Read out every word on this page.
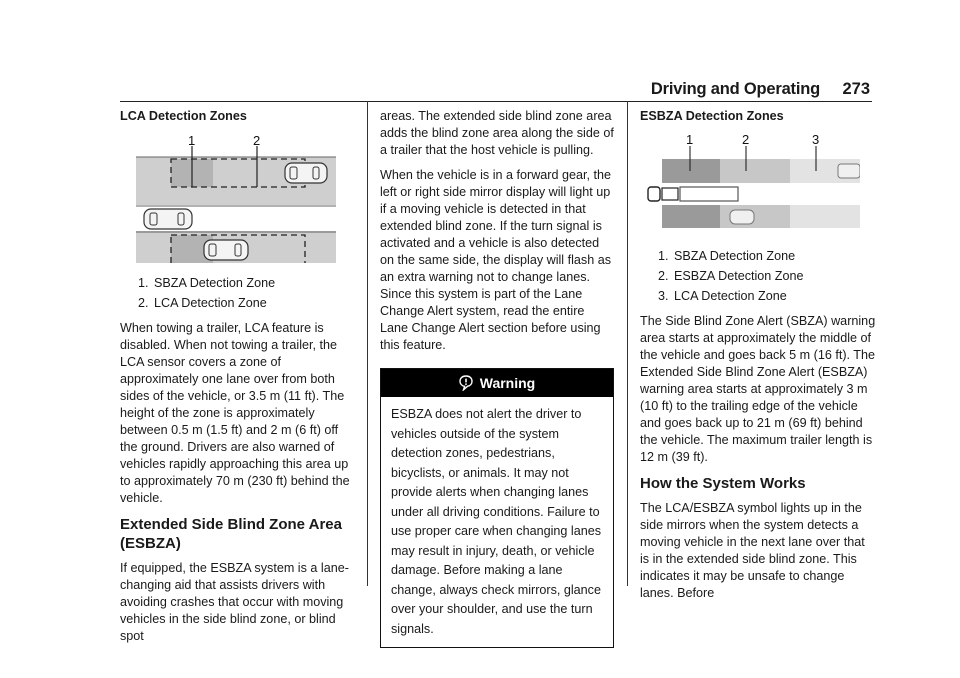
Driving and Operating 273
LCA Detection Zones
1	2
1. SBZA Detection Zone
2. LCA Detection Zone

When towing a trailer, LCA feature is disabled. When not towing a trailer, the LCA sensor covers a zone of approximately one lane over from both sides of the vehicle, or 3.5 m (11 ft). The height of the zone is approximately between 0.5 m (1.5 ft) and 2 m (6 ft) off the ground. Drivers are also warned of vehicles rapidly approaching this area up to approximately 70 m (230 ft) behind the vehicle.

Extended Side Blind Zone Area (ESBZA)

If equipped, the ESBZA system is a lane-changing aid that assists drivers with avoiding crashes that occur with moving vehicles in the side blind zone, or blind spot

areas. The extended side blind zone area adds the blind zone area along the side of a trailer that the host vehicle is pulling.

When the vehicle is in a forward gear, the left or right side mirror display will light up if a moving vehicle is detected in that extended blind zone. If the turn signal is activated and a vehicle is also detected on the same side, the display will flash as an extra warning not to change lanes. Since this system is part of the Lane Change Alert system, read the entire Lane Change Alert section before using this feature.

Warning
ESBZA does not alert the driver to vehicles outside of the system detection zones, pedestrians, bicyclists, or animals. It may not provide alerts when changing lanes under all driving conditions. Failure to use proper care when changing lanes may result in injury, death, or vehicle damage. Before making a lane change, always check mirrors, glance over your shoulder, and use the turn signals.
ESBZA Detection Zones
1	2	3
1. SBZA Detection Zone
2. ESBZA Detection Zone
3. LCA Detection Zone

The Side Blind Zone Alert (SBZA) warning area starts at approximately the middle of the vehicle and goes back 5 m (16 ft). The Extended Side Blind Zone Alert (ESBZA) warning area starts at approximately 3 m (10 ft) to the trailing edge of the vehicle and goes back up to 21 m (69 ft) behind the vehicle. The maximum trailer length is 12 m (39 ft).

How the System Works

The LCA/ESBZA symbol lights up in the side mirrors when the system detects a moving vehicle in the next lane over that is in the extended side blind zone. This indicates it may be unsafe to change lanes. Before
